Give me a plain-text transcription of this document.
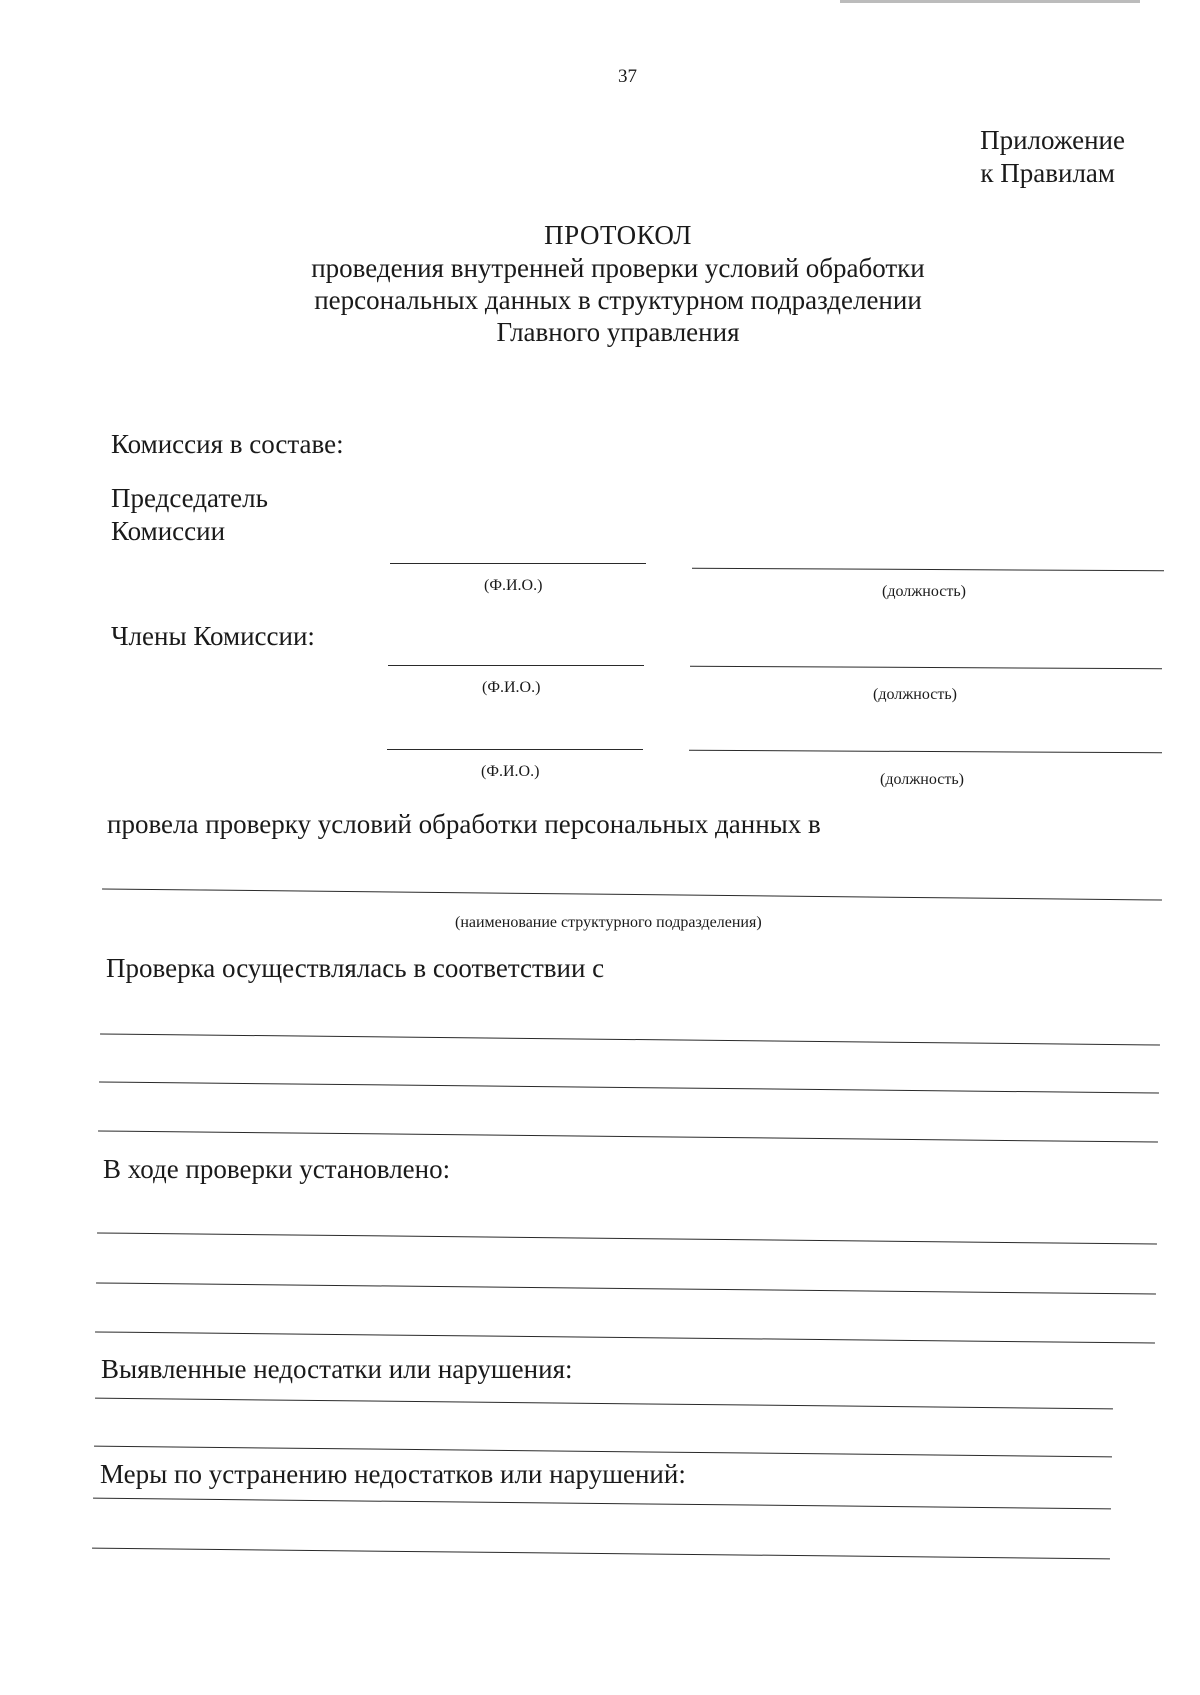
37
Приложение
к Правилам
ПРОТОКОЛ
проведения внутренней проверки условий обработки
персональных данных в структурном подразделении
Главного управления
Комиссия в составе:
Председатель
Комиссии
(Ф.И.О.)	(должность)
Члены Комиссии:
(Ф.И.О.)	(должность)
(Ф.И.О.)	(должность)
провела проверку условий обработки персональных данных в
(наименование структурного подразделения)
Проверка осуществлялась в соответствии с
В ходе проверки установлено:
Выявленные недостатки или нарушения:
Меры по устранению недостатков или нарушений:
